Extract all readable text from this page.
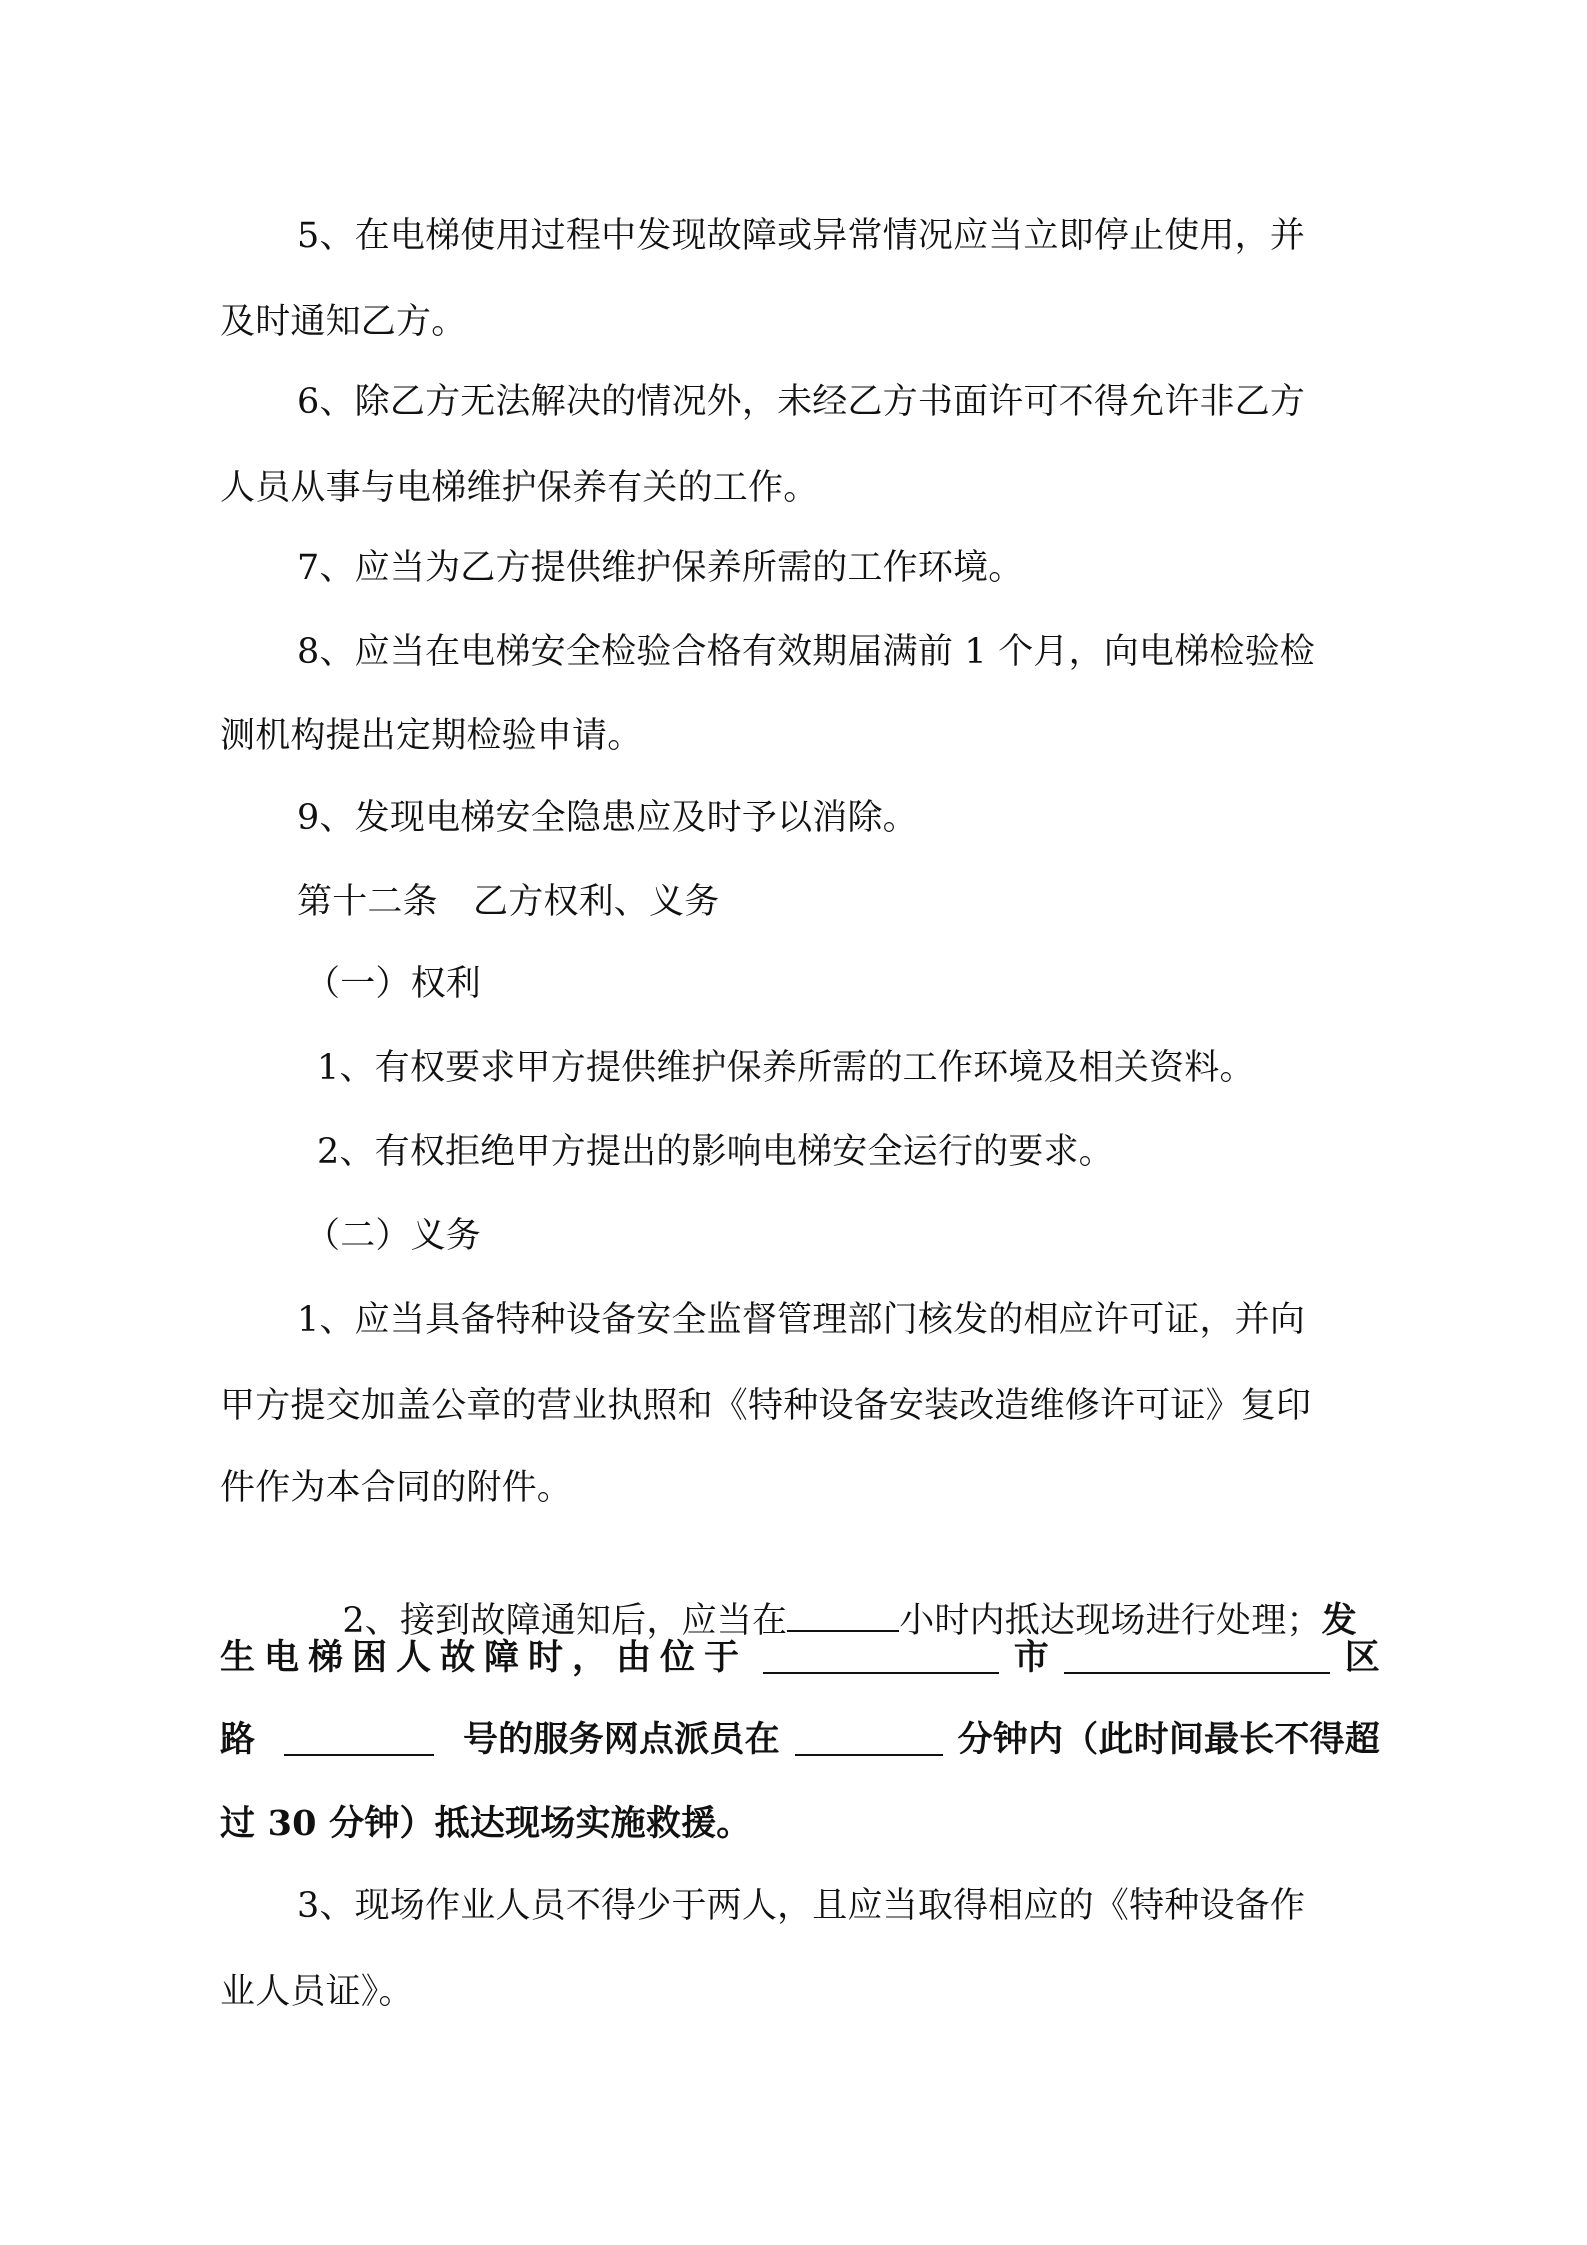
5、在电梯使用过程中发现故障或异常情况应当立即停止使用，并
及时通知乙方。
6、除乙方无法解决的情况外，未经乙方书面许可不得允许非乙方
人员从事与电梯维护保养有关的工作。
7、应当为乙方提供维护保养所需的工作环境。
8、应当在电梯安全检验合格有效期届满前 1 个月，向电梯检验检
测机构提出定期检验申请。
9、发现电梯安全隐患应及时予以消除。
第十二条　乙方权利、义务
（一）权利
1、有权要求甲方提供维护保养所需的工作环境及相关资料。
2、有权拒绝甲方提出的影响电梯安全运行的要求。
（二）义务
1、应当具备特种设备安全监督管理部门核发的相应许可证，并向
甲方提交加盖公章的营业执照和《特种设备安装改造维修许可证》复印
件作为本合同的附件。

2、接到故障通知后，应当在	小时内抵达现场进行处理；发

生电梯困人故障时，由位于	市	区
路	号的服务网点派员在	分钟内（此时间最长不得超
过 30 分钟）抵达现场实施救援。
3、现场作业人员不得少于两人，且应当取得相应的《特种设备作
业人员证》。
